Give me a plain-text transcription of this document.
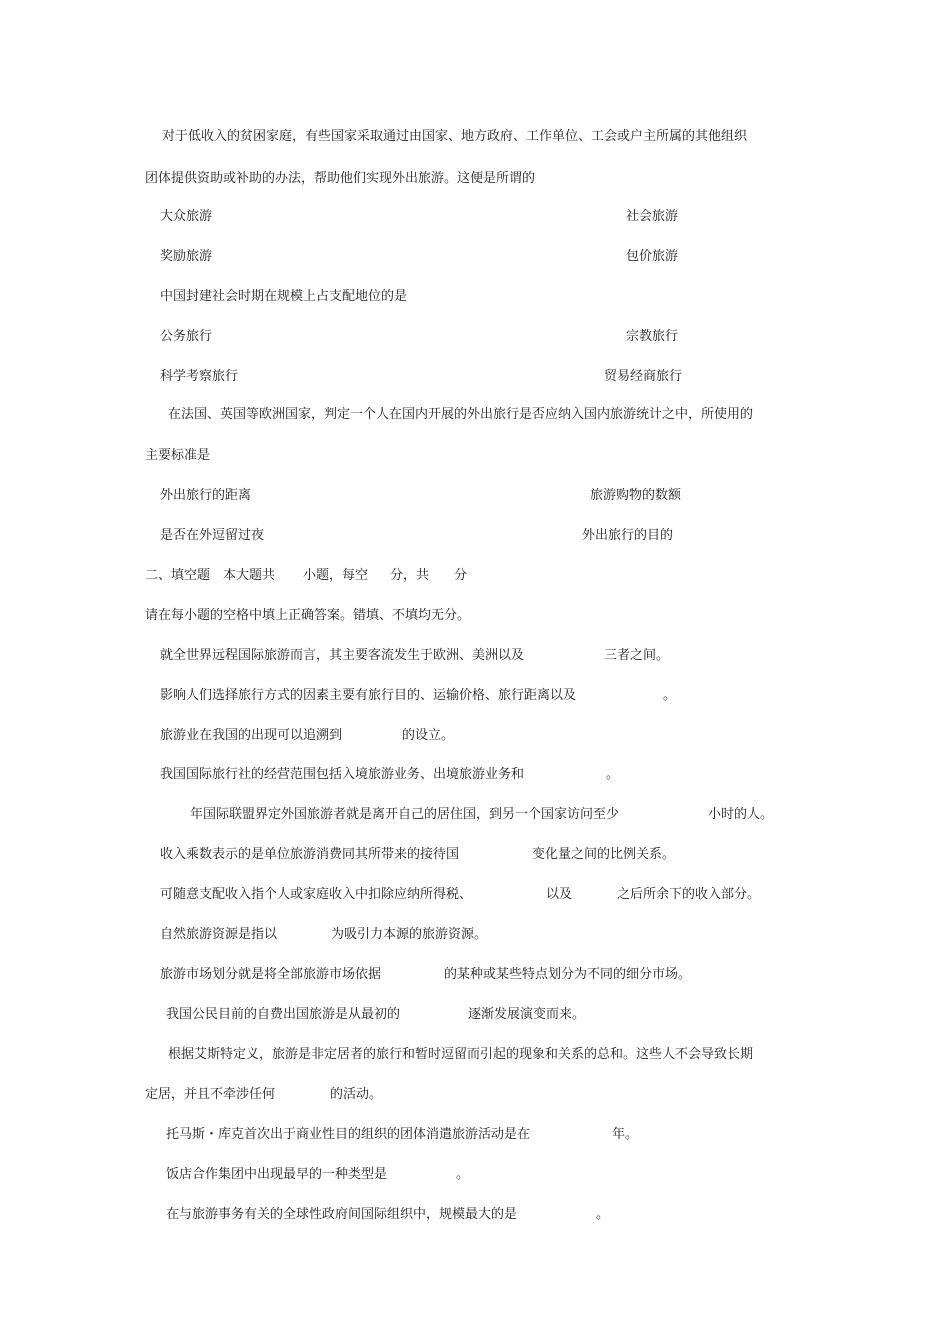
对于低收入的贫困家庭，有些国家采取通过由国家、地方政府、工作单位、工会或户主所属的其他组织
团体提供资助或补助的办法，帮助他们实现外出旅游。这便是所谓的
大众旅游	社会旅游
奖励旅游	包价旅游
中国封建社会时期在规模上占支配地位的是
公务旅行	宗教旅行
科学考察旅行	贸易经商旅行
在法国、英国等欧洲国家，判定一个人在国内开展的外出旅行是否应纳入国内旅游统计之中，所使用的
主要标准是
外出旅行的距离	旅游购物的数额
是否在外逗留过夜	外出旅行的目的
二、填空题 本大题共 小题，每空 分，共 分
请在每小题的空格中填上正确答案。错填、不填均无分。
就全世界远程国际旅游而言，其主要客流发生于欧洲、美洲以及	三者之间。
影响人们选择旅行方式的因素主要有旅行目的、运输价格、旅行距离以及	。
旅游业在我国的出现可以追溯到	的设立。
我国国际旅行社的经营范围包括入境旅游业务、出境旅游业务和	。
年国际联盟界定外国旅游者就是离开自己的居住国，到另一个国家访问至少	小时的人。
收入乘数表示的是单位旅游消费同其所带来的接待国	变化量之间的比例关系。
可随意支配收入指个人或家庭收入中扣除应纳所得税、	以及	之后所余下的收入部分。
自然旅游资源是指以	为吸引力本源的旅游资源。
旅游市场划分就是将全部旅游市场依据	的某种或某些特点划分为不同的细分市场。
我国公民目前的自费出国旅游是从最初的	逐渐发展演变而来。
根据艾斯特定义，旅游是非定居者的旅行和暂时逗留而引起的现象和关系的总和。这些人不会导致长期
定居，并且不牵涉任何	的活动。
托马斯・库克首次出于商业性目的组织的团体消遣旅游活动是在	年。
饭店合作集团中出现最早的一种类型是	。
在与旅游事务有关的全球性政府间国际组织中，规模最大的是	。
